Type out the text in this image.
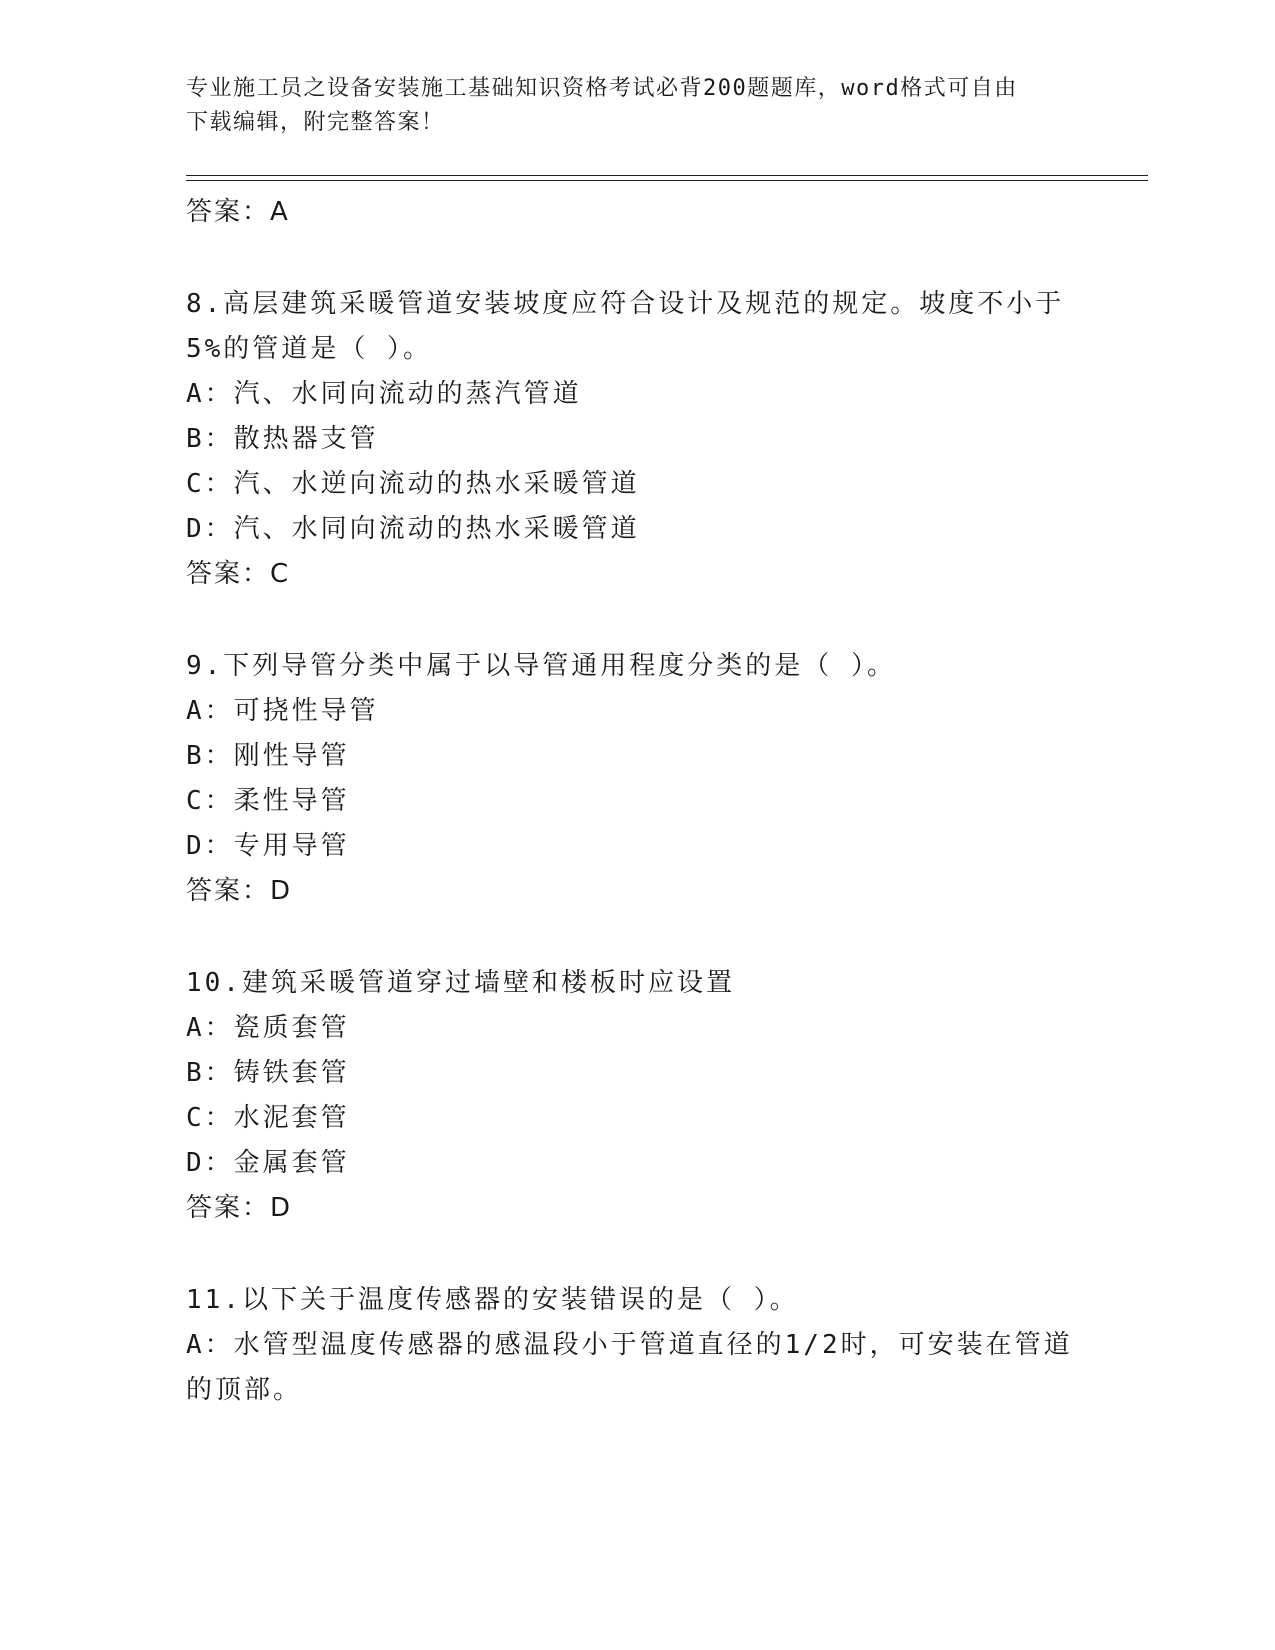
专业施工员之设备安装施工基础知识资格考试必背200题题库，word格式可自由
下载编辑，附完整答案！

答案：A

8.高层建筑采暖管道安装坡度应符合设计及规范的规定。坡度不小于

5%的管道是（ ）。

A：汽、水同向流动的蒸汽管道

B：散热器支管

C：汽、水逆向流动的热水采暖管道

D：汽、水同向流动的热水采暖管道

答案：C

9.下列导管分类中属于以导管通用程度分类的是（ ）。

A：可挠性导管

B：刚性导管

C：柔性导管

D：专用导管

答案：D

10.建筑采暖管道穿过墙壁和楼板时应设置

A：瓷质套管

B：铸铁套管

C：水泥套管

D：金属套管

答案：D

11.以下关于温度传感器的安装错误的是（ ）。

A：水管型温度传感器的感温段小于管道直径的1/2时，可安装在管道

的顶部。
